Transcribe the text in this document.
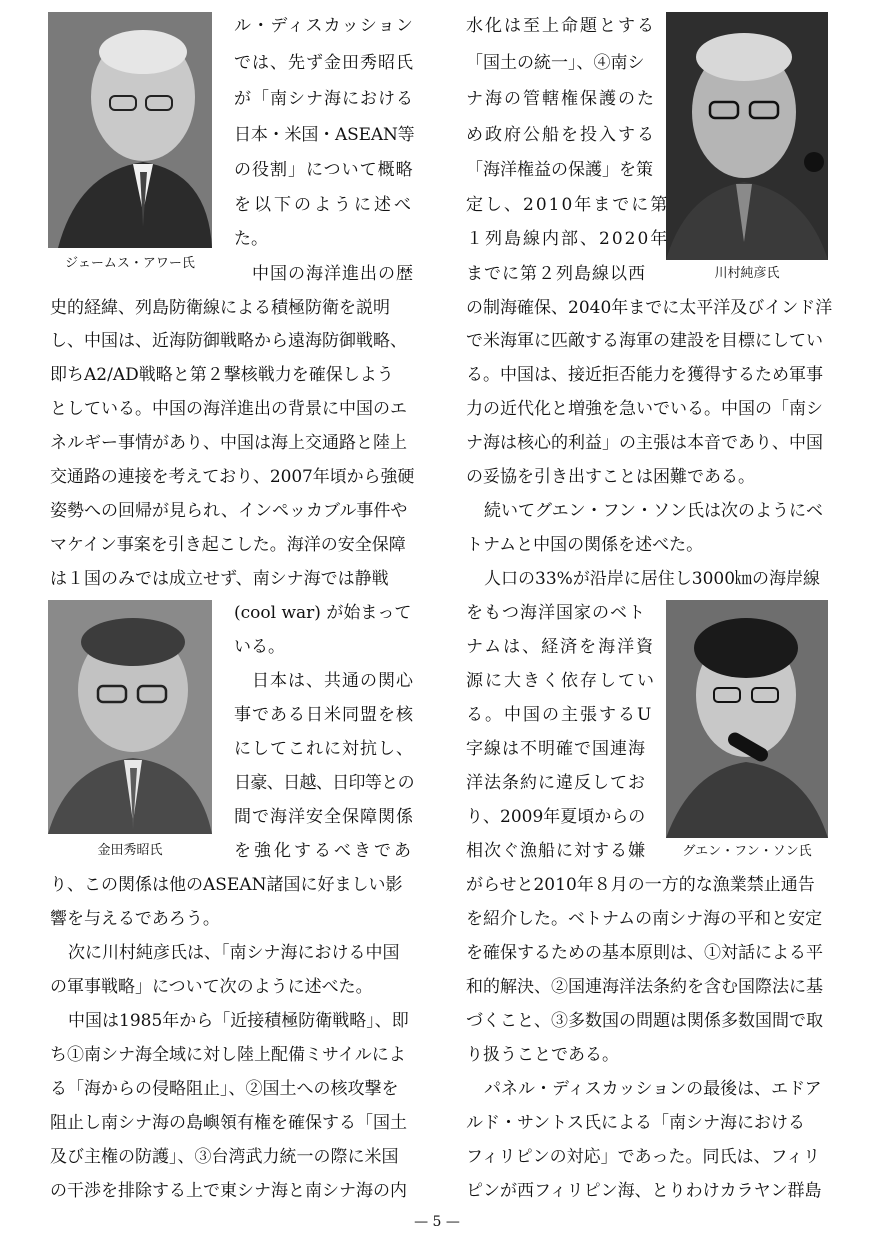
ジェームス・アワー氏
川村純彦氏
金田秀昭氏	グエン・フン・ソン氏
ル・ディスカッション
では、先ず金田秀昭氏
が「南シナ海における
日本・米国・ASEAN等
の役割」について概略
を以下のように述べ
た。
中国の海洋進出の歴
史的経緯、列島防衛線による積極防衛を説明
し、中国は、近海防御戦略から遠海防御戦略、
即ちA2/AD戦略と第２撃核戦力を確保しよう
としている。中国の海洋進出の背景に中国のエ
ネルギー事情があり、中国は海上交通路と陸上
交通路の連接を考えており、2007年頃から強硬
姿勢への回帰が見られ、インペッカブル事件や
マケイン事案を引き起こした。海洋の安全保障
は１国のみでは成立せず、南シナ海では静戦
(cool war) が始まって
いる。
日本は、共通の関心
事である日米同盟を核
にしてこれに対抗し、
日豪、日越、日印等との
間で海洋安全保障関係
を強化するべきであ
り、この関係は他のASEAN諸国に好ましい影
響を与えるであろう。
次に川村純彦氏は、「南シナ海における中国
の軍事戦略」について次のように述べた。
中国は1985年から「近接積極防衛戦略」、即
ち①南シナ海全域に対し陸上配備ミサイルによ
る「海からの侵略阻止」、②国土への核攻撃を
阻止し南シナ海の島嶼領有権を確保する「国土
及び主権の防護」、③台湾武力統一の際に米国
の干渉を排除する上で東シナ海と南シナ海の内
水化は至上命題とする
「国土の統一」、④南シ
ナ海の管轄権保護のた
め政府公船を投入する
「海洋権益の保護」を策
定し、2010年までに第
１列島線内部、2020年
までに第２列島線以西
の制海確保、2040年までに太平洋及びインド洋
で米海軍に匹敵する海軍の建設を目標にしてい
る。中国は、接近拒否能力を獲得するため軍事
力の近代化と増強を急いでいる。中国の「南シ
ナ海は核心的利益」の主張は本音であり、中国
の妥協を引き出すことは困難である。
続いてグエン・フン・ソン氏は次のようにベ
トナムと中国の関係を述べた。
人口の33%が沿岸に居住し3000㎞の海岸線
をもつ海洋国家のベト
ナムは、経済を海洋資
源に大きく依存してい
る。中国の主張するU
字線は不明確で国連海
洋法条約に違反してお
り、2009年夏頃からの
相次ぐ漁船に対する嫌
がらせと2010年８月の一方的な漁業禁止通告
を紹介した。ベトナムの南シナ海の平和と安定
を確保するための基本原則は、①対話による平
和的解決、②国連海洋法条約を含む国際法に基
づくこと、③多数国の問題は関係多数国間で取
り扱うことである。
パネル・ディスカッションの最後は、エドア
ルド・サントス氏による「南シナ海における
フィリピンの対応」であった。同氏は、フィリ
ピンが西フィリピン海、とりわけカラヤン群島
— 5 —
